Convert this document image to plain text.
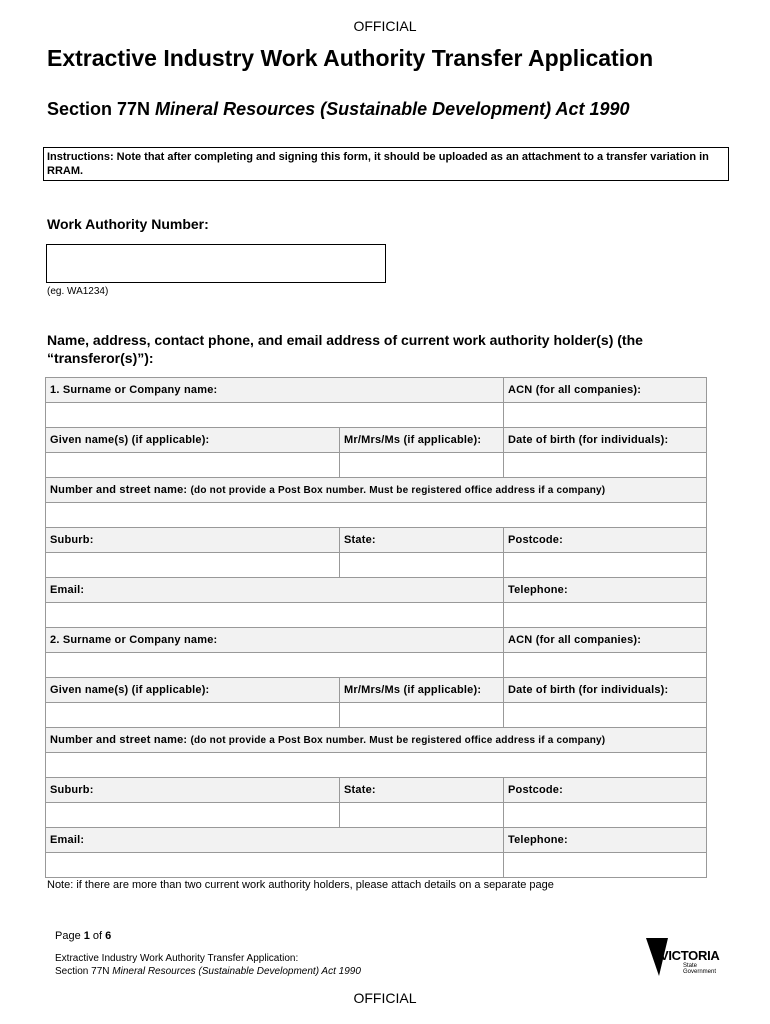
OFFICIAL
Extractive Industry Work Authority Transfer Application
Section 77N Mineral Resources (Sustainable Development) Act 1990
Instructions: Note that after completing and signing this form, it should be uploaded as an attachment to a transfer variation in RRAM.
Work Authority Number:
(eg. WA1234)
Name, address, contact phone, and email address of current work authority holder(s) (the “transferor(s)”):
1. Surname or Company name:		ACN (for all companies):

Given name(s) (if applicable):	Mr/Mrs/Ms (if applicable):	Date of birth (for individuals):

Number and street name: (do not provide a Post Box number. Must be registered office address if a company)		

Suburb:	State:	Postcode:

Email:		Telephone:

2. Surname or Company name:		ACN (for all companies):

Given name(s) (if applicable):	Mr/Mrs/Ms (if applicable):	Date of birth (for individuals):

Number and street name: (do not provide a Post Box number. Must be registered office address if a company)		

Suburb:	State:	Postcode:

Email:		Telephone:

Note: if there are more than two current work authority holders, please attach details on a separate page
Page 1 of 6
Extractive Industry Work Authority Transfer Application:
Section 77N Mineral Resources (Sustainable Development) Act 1990
VICTORIA
State
Government
OFFICIAL
